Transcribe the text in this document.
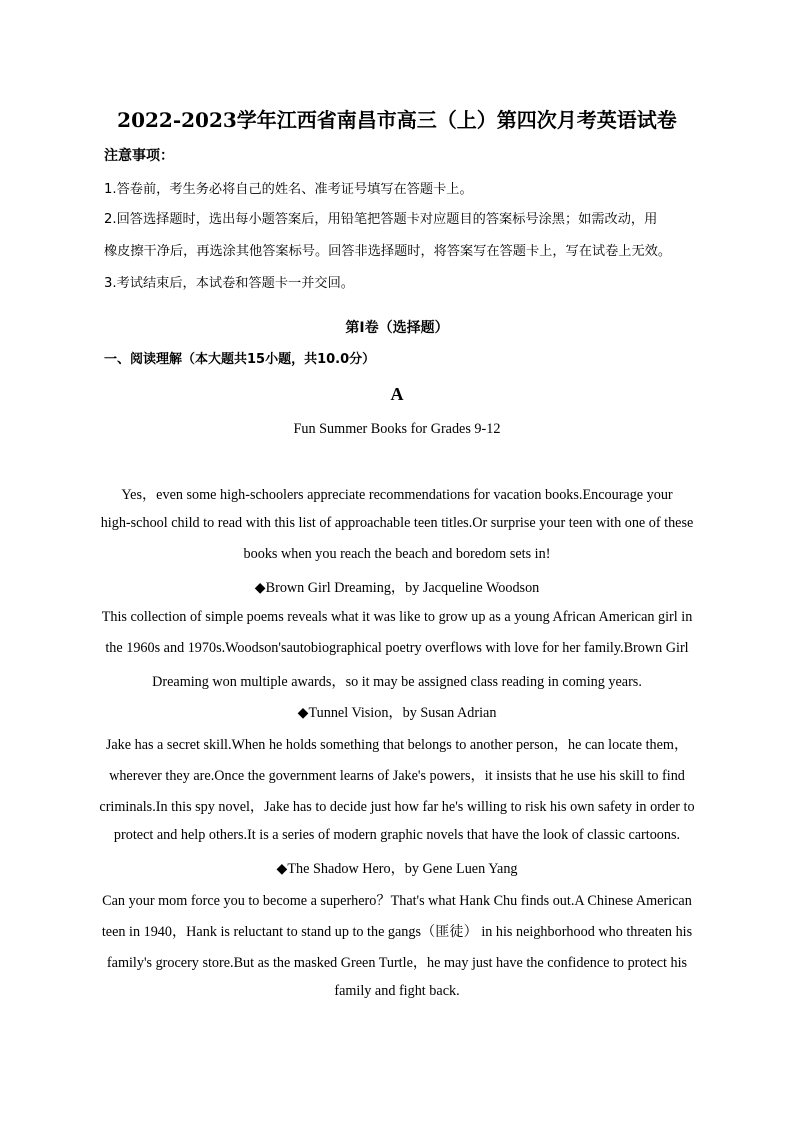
2022-2023学年江西省南昌市高三（上）第四次月考英语试卷
注意事项：
1.答卷前，考生务必将自己的姓名、准考证号填写在答题卡上。
2.回答选择题时，选出每小题答案后，用铅笔把答题卡对应题目的答案标号涂黑；如需改动，用
橡皮擦干净后，再选涂其他答案标号。回答非选择题时，将答案写在答题卡上，写在试卷上无效。
3.考试结束后，本试卷和答题卡一并交回。
第I卷（选择题）
一、阅读理解（本大题共15小题，共10.0分）
A
Fun Summer Books for Grades 9-12
Yes，even some high-schoolers appreciate recommendations for vacation books.Encourage your
high-school child to read with this list of approachable teen titles.Or surprise your teen with one of these
books when you reach the beach and boredom sets in!
◆Brown Girl Dreaming，by Jacqueline Woodson
This collection of simple poems reveals what it was like to grow up as a young African American girl in
the 1960s and 1970s.Woodson'sautobiographical poetry overflows with love for her family.Brown Girl
Dreaming won multiple awards，so it may be assigned class reading in coming years.
◆Tunnel Vision，by Susan Adrian
Jake has a secret skill.When he holds something that belongs to another person，he can locate them，
wherever they are.Once the government learns of Jake's powers，it insists that he use his skill to find
criminals.In this spy novel，Jake has to decide just how far he's willing to risk his own safety in order to
protect and help others.It is a series of modern graphic novels that have the look of classic cartoons.
◆The Shadow Hero，by Gene Luen Yang
Can your mom force you to become a superhero？That's what Hank Chu finds out.A Chinese American
teen in 1940，Hank is reluctant to stand up to the gangs（匪徒） in his neighborhood who threaten his
family's grocery store.But as the masked Green Turtle，he may just have the confidence to protect his
family and fight back.
